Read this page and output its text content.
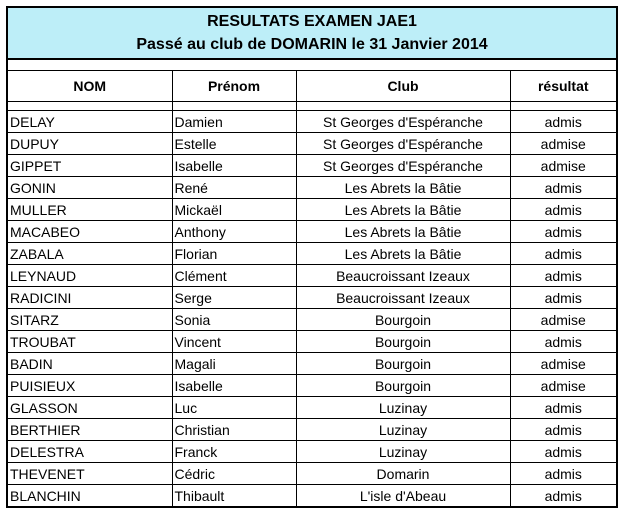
RESULTATS EXAMEN JAE1
Passé au club de DOMARIN le 31 Janvier 2014
NOM	Prénom	Club	résultat

DELAY	Damien	St Georges d'Espéranche	admis
DUPUY	Estelle	St Georges d'Espéranche	admise
GIPPET	Isabelle	St Georges d'Espéranche	admise
GONIN	René	Les Abrets la Bâtie	admis
MULLER	Mickaël	Les Abrets la Bâtie	admis
MACABEO	Anthony	Les Abrets la Bâtie	admis
ZABALA	Florian	Les Abrets la Bâtie	admis
LEYNAUD	Clément	Beaucroissant Izeaux	admis
RADICINI	Serge	Beaucroissant Izeaux	admis
SITARZ	Sonia	Bourgoin	admise
TROUBAT	Vincent	Bourgoin	admis
BADIN	Magali	Bourgoin	admise
PUISIEUX	Isabelle	Bourgoin	admise
GLASSON	Luc	Luzinay	admis
BERTHIER	Christian	Luzinay	admis
DELESTRA	Franck	Luzinay	admis
THEVENET	Cédric	Domarin	admis
BLANCHIN	Thibault	L'isle d'Abeau	admis
